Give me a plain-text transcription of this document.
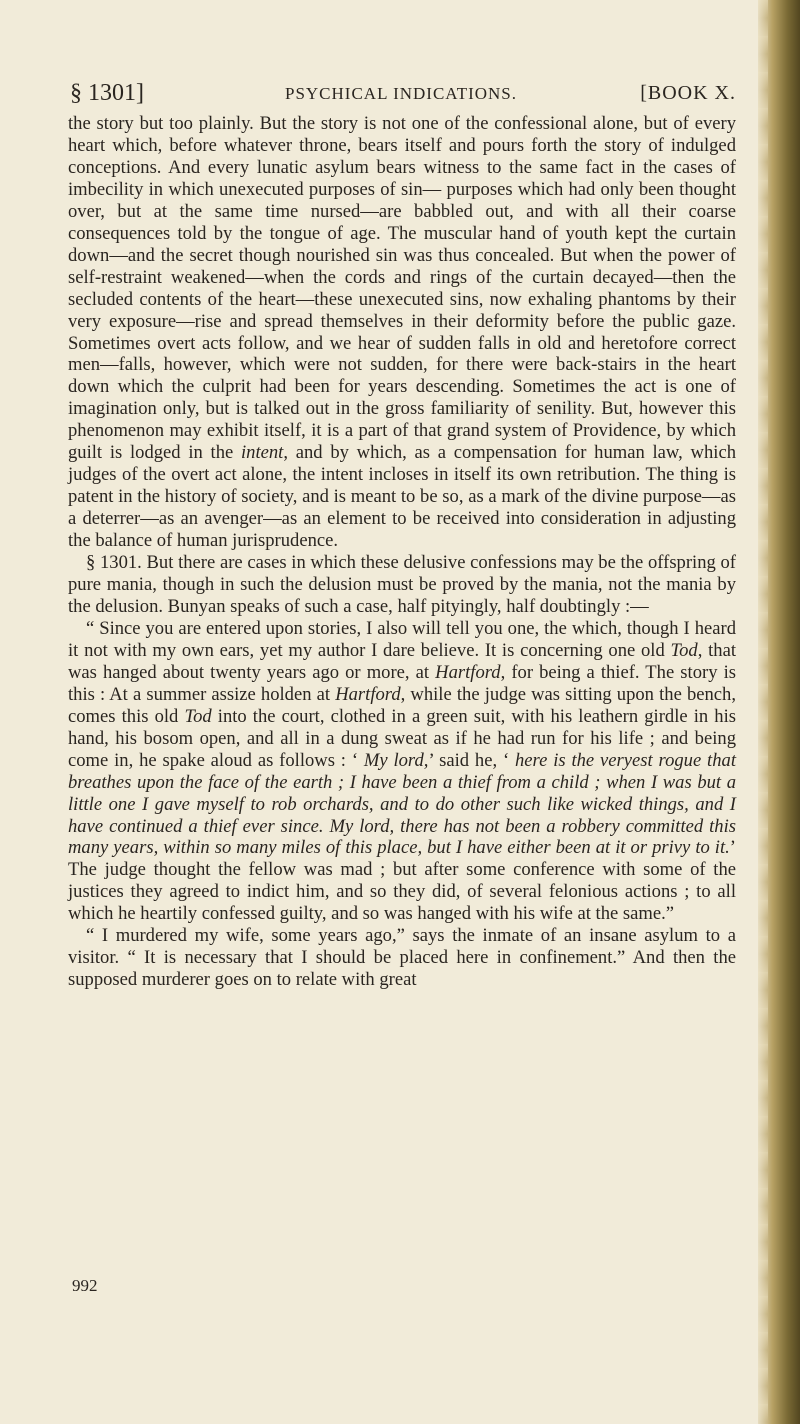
§ 1301]	PSYCHICAL INDICATIONS.	[BOOK X.

the story but too plainly. But the story is not one of the confessional alone, but of every heart which, before whatever throne, bears itself and pours forth the story of indulged conceptions. And every lunatic asylum bears witness to the same fact in the cases of imbecility in which unexecuted purposes of sin— purposes which had only been thought over, but at the same time nursed—are babbled out, and with all their coarse consequences told by the tongue of age. The muscular hand of youth kept the curtain down—and the secret though nourished sin was thus concealed. But when the power of self-restraint weakened—when the cords and rings of the curtain decayed—then the secluded contents of the heart—these unexecuted sins, now exhaling phantoms by their very exposure—rise and spread themselves in their deformity before the public gaze. Sometimes overt acts follow, and we hear of sudden falls in old and heretofore correct men—falls, however, which were not sudden, for there were back-stairs in the heart down which the culprit had been for years descending. Sometimes the act is one of imagination only, but is talked out in the gross familiarity of senility. But, however this phenomenon may exhibit itself, it is a part of that grand system of Providence, by which guilt is lodged in the intent, and by which, as a compensation for human law, which judges of the overt act alone, the intent incloses in itself its own retribution. The thing is patent in the history of society, and is meant to be so, as a mark of the divine purpose—as a deterrer—as an avenger—as an element to be received into consideration in adjusting the balance of human jurisprudence.

§ 1301. But there are cases in which these delusive confessions may be the offspring of pure mania, though in such the delusion must be proved by the mania, not the mania by the delusion. Bunyan speaks of such a case, half pityingly, half doubtingly :—

“ Since you are entered upon stories, I also will tell you one, the which, though I heard it not with my own ears, yet my author I dare believe. It is concerning one old Tod, that was hanged about twenty years ago or more, at Hartford, for being a thief. The story is this : At a summer assize holden at Hartford, while the judge was sitting upon the bench, comes this old Tod into the court, clothed in a green suit, with his leathern girdle in his hand, his bosom open, and all in a dung sweat as if he had run for his life ; and being come in, he spake aloud as follows : ‘ My lord,’ said he, ‘ here is the veryest rogue that breathes upon the face of the earth ; I have been a thief from a child ; when I was but a little one I gave myself to rob orchards, and to do other such like wicked things, and I have continued a thief ever since. My lord, there has not been a robbery committed this many years, within so many miles of this place, but I have either been at it or privy to it.’ The judge thought the fellow was mad ; but after some conference with some of the justices they agreed to indict him, and so they did, of several felonious actions ; to all which he heartily confessed guilty, and so was hanged with his wife at the same.”

“ I murdered my wife, some years ago,” says the inmate of an insane asylum to a visitor. “ It is necessary that I should be placed here in confinement.” And then the supposed murderer goes on to relate with great

992
